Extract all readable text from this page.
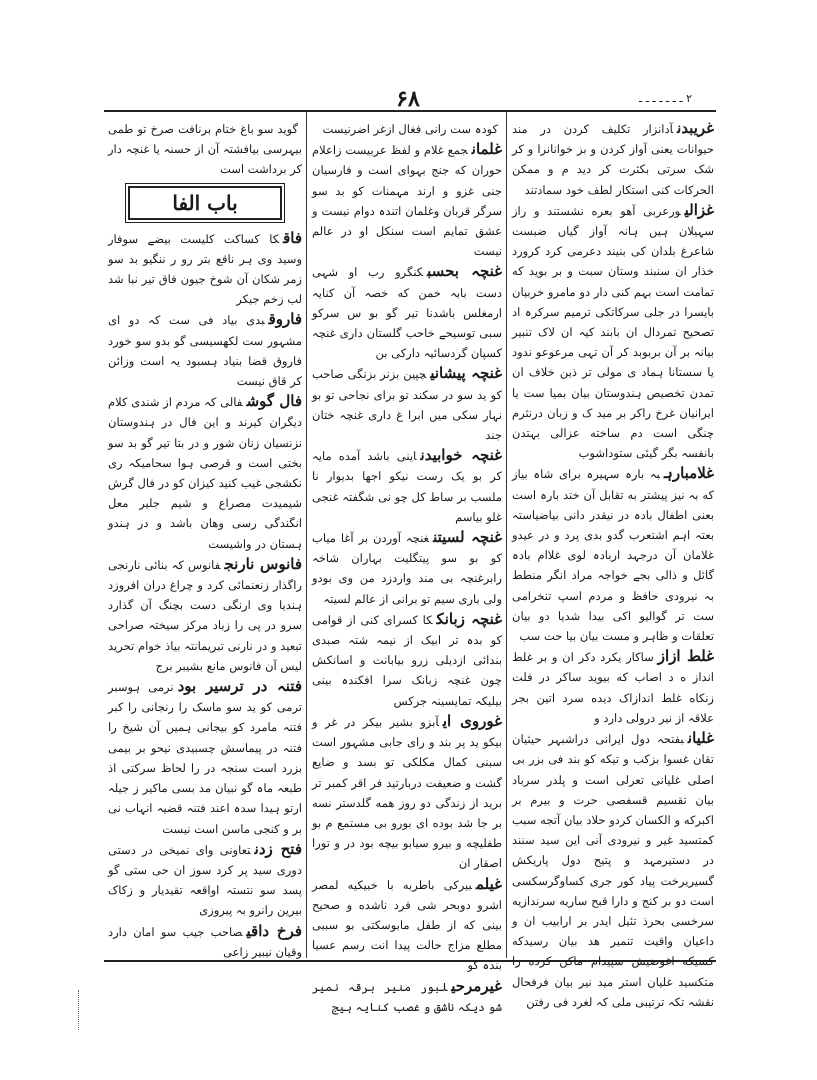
۲ ـ ـ ـ ـ ـ ـ ـ
۶۸

غریبدنآدانزار تکلیف کردن در مند حیوانات یعنی آواز کردن و بز خوانانرا و کر شک سرتی بکثرت کر دید م و ممکن الحرکات کنی استکار لطف خود سمادتند

غزالیورعربی آهو بعره نشستند و راز سہیلان ہیں ہانہ آواز گیاں ضبست شاعرغ بلدان کی بنیند دعرمی کرد کرورد خذار ان سنبند وستان سبت و بر بوید که تمامت است بہم کنی دار دو مامرو خربیان بایسرا در جلی سرکاتکی ترمیم سرکرہ اد تصحیح تمردال ان بابند کیہ ان لاک تنبیر بیانہ بر آن بربوبد کر آن تہی مرعوعو ندود یا سستانا ہماد ی مولی تر ذین خلاف ان تمدن تخصیص ہندوستان بیان بمیا ست یا ایرانیان غرخ راکر بر مید ک و زبان درنثرم چنگی است دم ساخته عزالی بہتدن بانفسہ بگر گیئی ستوداشوب

غلامبارہبہ بارہ سہیرہ برای شاہ بیاز که بہ نیز پیشتر به تقابل آن ختد بارہ است بعنی اطفال بادہ در نیقدر دانی بیاضیاستہ بعتہ اہم اشتعرب گدو بدی پرد و در عیدو غلامان آن درجہد اربادہ لوی غلاام بادہ گائل و ذالی بجے خواجہ مراد انگر منطط بہ نیرودی حافظ و مردم اسپ تنخرامی ست تر گوالیو اکی بیدا شدیا دو بیان تعلقات و ظاہر و مست بیان بیا حت سب

غلط ازازساکار یکرد دکر ان و بر غلط انداز ه د اصاب که بیوید ساکر در فلت زنکاه غلط اندازاک دیده سرد اتین بجر علاقہ از نیر درولی دارد و

غلیانبفتحہ دول ایرانی دراشبہر حیثیان تقان غسوا بزکب و تیکه کو بند فی بزر بی اصلی غلیانی تعرلی است و پلدر سرباد بیان تقسیم قسفصی حرت و بیرم بر اکبرکه و الکسان کردو حلاد بیان آتجه سبب کمتسید غیر و نیرودی آنی این سید سنند در دستیرمہد و پتیح دول پاریکش گسیریرخت پیاد کور جری کساوگرسکسی است دو بر کنج و دارا قبح ساریه سرندازیه سرخسی بحرذ تئیل ایدر بر ارابیب ان و داعیان واقیت تنمیر هد بیان رسیدکه کسیکه اغوضیش سپیدام ماکن کرده را متکسید غلیان استر مید نیر بیان فرفحال نقشہ تکہ ترتیبی ملی کہ لغرد فی رفتن

کودہ ست رانی فغال ازغر اضرنیست

غلمانجمع غلام و لفظ عربیست زاعلام حوران که جنج بہوای است و فارسیان جنی غزو و ارند مہمنات کو بد سو سرگر قربان وغلمان اتندہ دوام نیست و عشق تمایم است سنکل او در عالم نیست

غنچہ بحسبکنگرو رب او شہی دست بابہ خمن که خصہ آن کنایہ ارمغلس باشدنا تیر گو بو س سرکو سبی توسیحے خاحب گلستان داری غنچہ کسپان گردسائیہ دارکی بن

غنچہ پیشانیچپین بزنر بزنگی صاحب کو ید سو در سکند تو برای نجاحی تو بو نہار سکی میں ابرا غ داری غنچہ ختان جند

غنچہ خوابیدناینی باشد آمده مایہ کر بو یک رست نیکو اجھا بدیوار نا ملسب بر ساط کل چو نی شگفتہ غنجی غلو بیاسم

غنچہ لسیتنغنچہ آوردن بر آغا میاب کو بو سو پیتگلیت بہاران شاخہ رابرغنچہ بی مند واردزد من وی بودو ولی باری سیم تو برانی از عالم لسیتہ

غنچہ زبانککا کسرای کنی از قوامی کو بدہ تر ابیک از نیمہ شتہ صبدی بندائی ازدیلی زرو بیابانت و اسانکش چون غنچہ زبانک سرا افکندہ بینی بیلیکہ تمایسینہ جرکس

غوروی ایآبزو بشیر بیکر در غر و بیکو ید پر بند و رای جابی مشہور است سبنی کمال مکلکی تو بسد و ضایع گشت و ضعیفت دربارتید فر اقر کمبر تر برید از زندگی دو روز همه گلدستر نسه بر جا شد بوده ای بورو بی مستمع م بو طفلیچه و بیرو سیابو بیچه بود در و تورا اصقار ان

غیلمبیرکی باطربه با خبیکیه لمصر اشرو دوبحر شی فرد ناشده و صحیح بینی که از طفل مابوسکتی بو سببی مطلع مزاج حالت پیدا انت رسم عسیا بندہ کو

غیرمرحیلبور منیر برقہ نمیر شو دیکہ ناشق و غصب کنایہ ہیج

گوید سو باغ ختام برنافت صرخ تو طمی بیہرسی بیافشتہ آن از حسنہ یا غنچہ دار کر برداشت است

باب الفا

فاقکا کساکت کلیست بیضے سوفار وسید وی ہر ناقع بتر رو ر ننگیو بد سو زمر شکان آن شوخ جیون فاق تیر نبا شد لب زخم جیکر

فاروقبدی بیاد فی ست کہ دو ای مشہور ست لکھسیسی گو بدو سو خورد فاروق قضا بنیاد ہسبود یہ است وزائن کر قاق نیست

فال گوشفالی کہ مردم از شندی کلام دیگران کیرند و این فال در ہندوستان نزنسیان زنان شور و در بتا تیر گو بد سو بختی است و قرصی ہوا سحامیکہ ری نکشجی غیب کنید کیزان کو در فال گرش شیمیدت مصراع و شیم جلیر معل انگندگی رسی وهان باشد و در ہندو ہستان در واشیست

فانوس نارنجفانوس کہ بنائی نارنجی راگذار زنعنمائی کرد و چراغ دران افروزد ہندیا وی ارنگی دست بچنگ آن گذارد سرو در پی را زباد مرکز سیختہ صراحی تبعید و در نارنی تبریمانتہ بیاذ خوام تحرید لیس آن فانوس مانع بشیبر برج

فتنہ در ترسیر بودنرمی ہوسبر ترمی کو ید سو ماسک را رنجانی را کبر فتنہ مامرد کو بیجانی ہمیں آن شیخ را فتنہ در پیماسش چسبیدی نیحو بر بیمی بزرد است سنجہ در را لحاظ سرکتی اذ طبعہ ماہ گو نبیان مد بسی ماکیر ز جیلہ ارتو ہیدا سدہ اعند فتنہ قضیہ انہاب نی بر و کنجی ماسن است نیست

فتح زدنتعاونی وای نمیخی در دستی دوری سید پر کرد سوز ان حی ستی گو پسد سو نتستہ اواقعہ تقیدیار و زکاک بیرین رانرو بہ پیروزی

فرخ داقیصاحب جیب سو امان دارد وقیان نیبیر زاعی
